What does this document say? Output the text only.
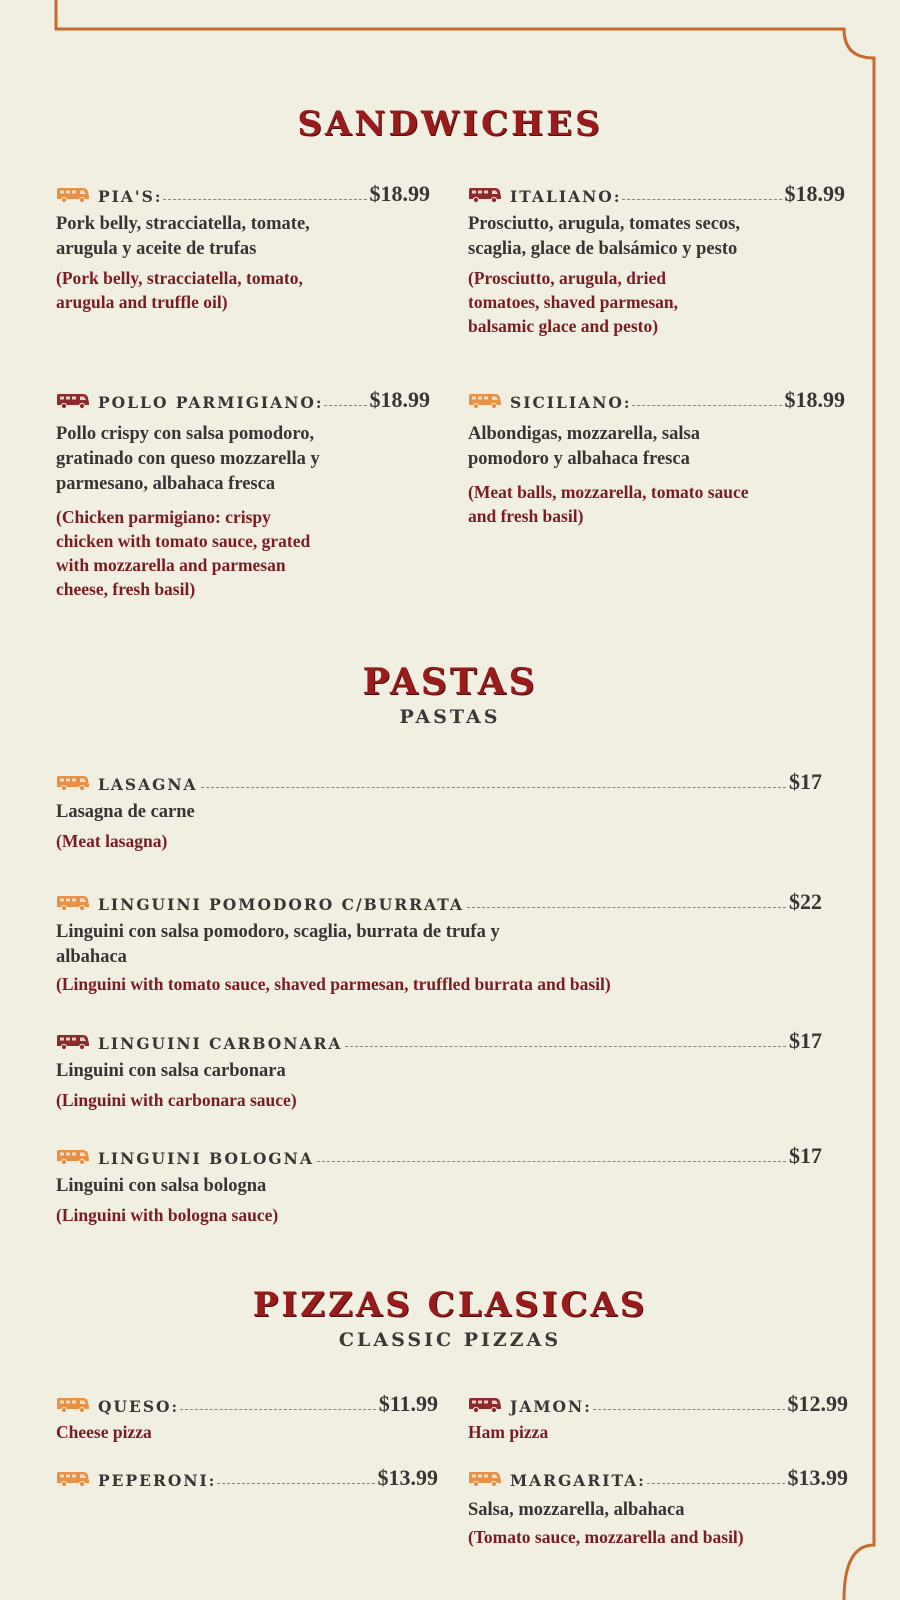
SANDWICHES
PIA'S :	$18.99
Pork belly, stracciatella, tomate, arugula y aceite de trufas
(Pork belly, stracciatella, tomato, arugula and truffle oil)
ITALIANO :	$18.99
Prosciutto, arugula, tomates secos, scaglia, glace de balsámico y pesto
(Prosciutto, arugula, dried tomatoes, shaved parmesan, balsamic glace and pesto)
POLLO PARMIGIANO : $18.99
Pollo crispy con salsa pomodoro, gratinado con queso mozzarella y parmesano, albahaca fresca
(Chicken parmigiano: crispy chicken with tomato sauce, grated with mozzarella and parmesan cheese, fresh basil)
SICILIANO :	$18.99
Albondigas, mozzarella, salsa pomodoro y albahaca fresca
(Meat balls, mozzarella, tomato sauce and fresh basil)
PASTAS
PASTAS
LASAGNA	$17
Lasagna de carne
(Meat lasagna)
LINGUINI POMODORO C/BURRATA	$22
Linguini con salsa pomodoro, scaglia, burrata de trufa y albahaca
(Linguini with tomato sauce, shaved parmesan, truffled burrata and basil)
LINGUINI CARBONARA	$17
Linguini con salsa carbonara
(Linguini with carbonara sauce)
LINGUINI BOLOGNA	$17
Linguini con salsa bologna
(Linguini with bologna sauce)
PIZZAS CLASICAS
CLASSIC PIZZAS
QUESO :	$11.99
Cheese pizza
JAMON :	$12.99
Ham pizza
PEPERONI :	$13.99	MARGARITA :	$13.99
Salsa, mozzarella, albahaca
(Tomato sauce, mozzarella and basil)
